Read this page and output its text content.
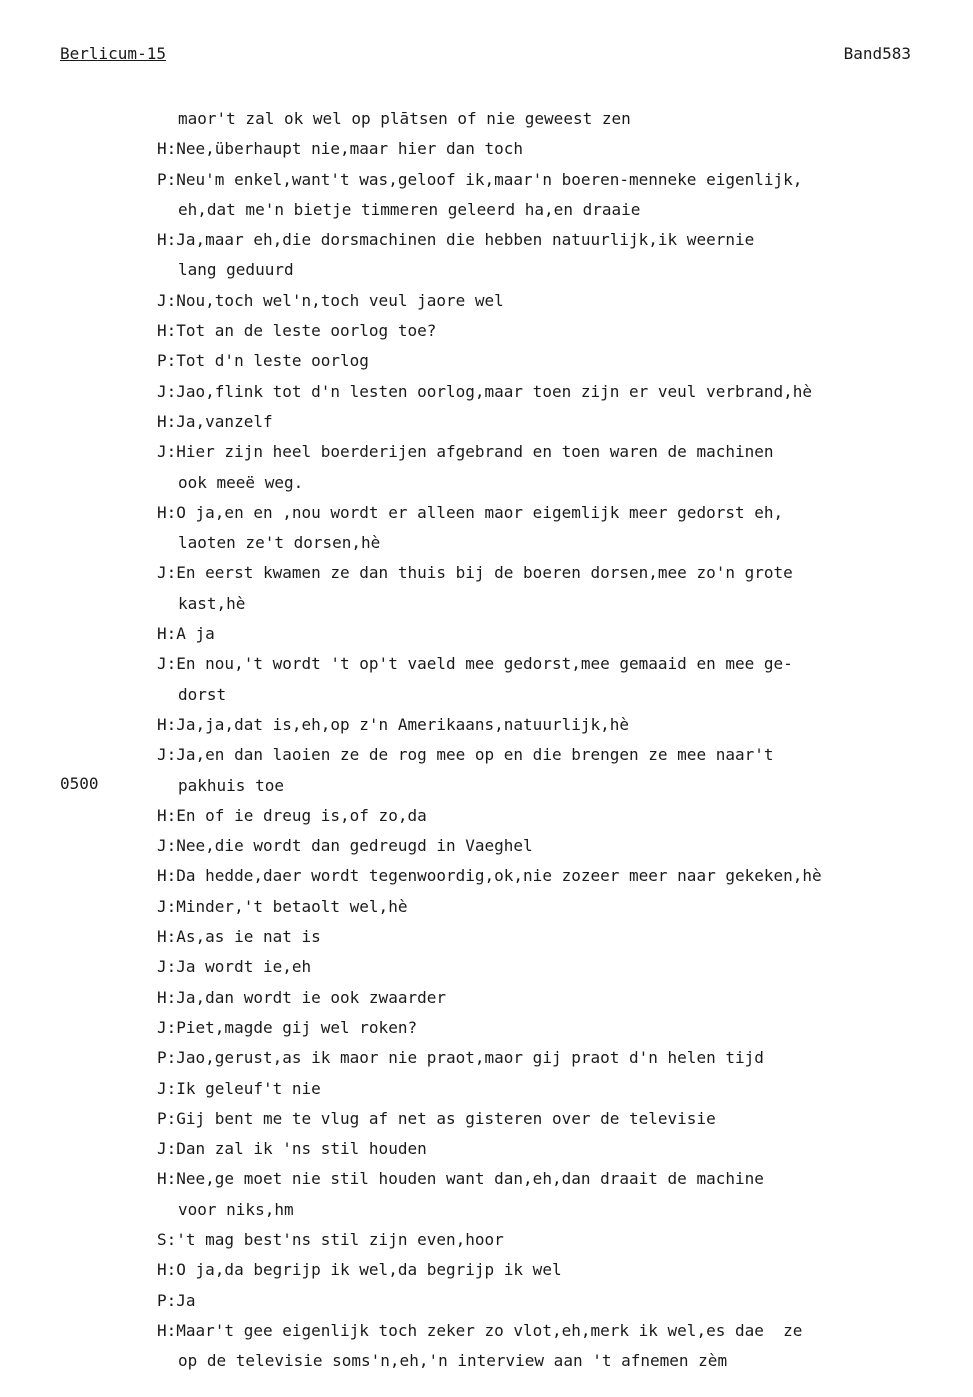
Berlicum-15	Band583
0500
maor't zal ok wel op plātsen of nie geweest zen
H:Nee,überhaupt nie,maar hier dan toch
P:Neu'm enkel,want't was,geloof ik,maar'n boeren-menneke eigenlijk,
eh,dat me'n bietje timmeren geleerd ha,en draaie
H:Ja,maar eh,die dorsmachinen die hebben natuurlijk,ik weernie
lang geduurd
J:Nou,toch wel'n,toch veul jaore wel
H:Tot an de leste oorlog toe?
P:Tot d'n leste oorlog
J:Jao,flink tot d'n lesten oorlog,maar toen zijn er veul verbrand,hè
H:Ja,vanzelf
J:Hier zijn heel boerderijen afgebrand en toen waren de machinen
ook meeë weg.
H:O ja,en en ,nou wordt er alleen maor eigemlijk meer gedorst eh,
laoten ze't dorsen,hè
J:En eerst kwamen ze dan thuis bij de boeren dorsen,mee zo'n grote
kast,hè
H:A ja
J:En nou,'t wordt 't op't vaeld mee gedorst,mee gemaaid en mee ge-
dorst
H:Ja,ja,dat is,eh,op z'n Amerikaans,natuurlijk,hè
J:Ja,en dan laoien ze de rog mee op en die brengen ze mee naar't
pakhuis toe
H:En of ie dreug is,of zo,da
J:Nee,die wordt dan gedreugd in Vaeghel
H:Da hedde,daer wordt tegenwoordig,ok,nie zozeer meer naar gekeken,hè
J:Minder,'t betaolt wel,hè
H:As,as ie nat is
J:Ja wordt ie,eh
H:Ja,dan wordt ie ook zwaarder
J:Piet,magde gij wel roken?
P:Jao,gerust,as ik maor nie praot,maor gij praot d'n helen tijd
J:Ik geleuf't nie
P:Gij bent me te vlug af net as gisteren over de televisie
J:Dan zal ik 'ns stil houden
H:Nee,ge moet nie stil houden want dan,eh,dan draait de machine
voor niks,hm
S:'t mag best'ns stil zijn even,hoor
H:O ja,da begrijp ik wel,da begrijp ik wel
P:Ja
H:Maar't gee eigenlijk toch zeker zo vlot,eh,merk ik wel,es dae  ze
op de televisie soms'n,eh,'n interview aan 't afnemen zèm
